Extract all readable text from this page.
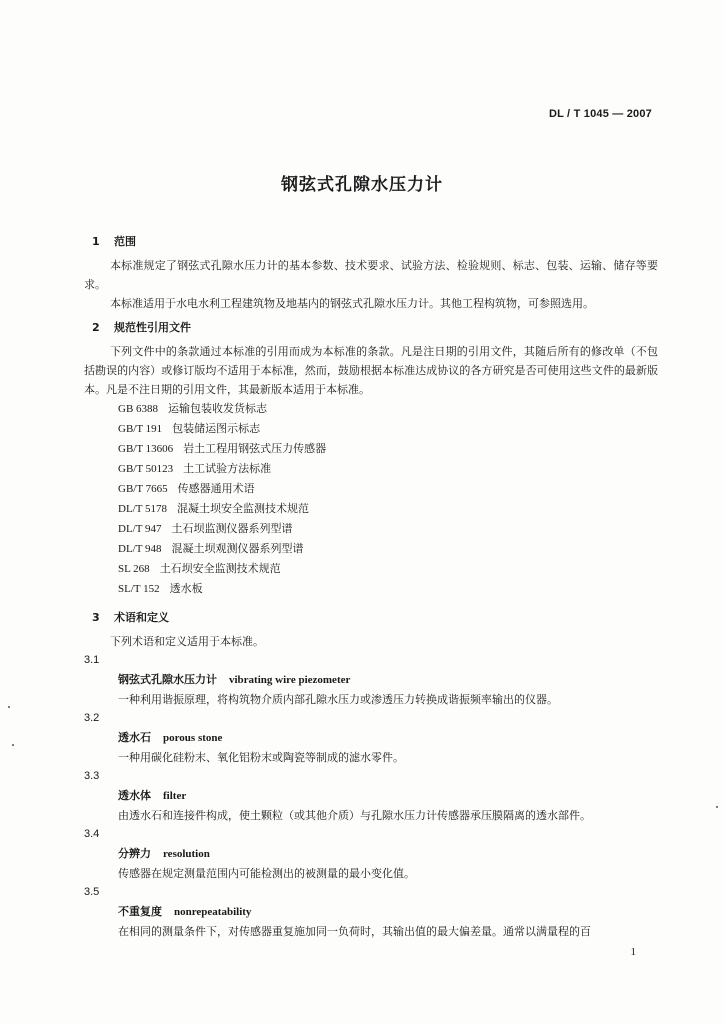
DL / T 1045 — 2007
钢弦式孔隙水压力计
1 范围

本标准规定了钢弦式孔隙水压力计的基本参数、技术要求、试验方法、检验规则、标志、包装、运输、储存等要求。

本标准适用于水电水利工程建筑物及地基内的钢弦式孔隙水压力计。其他工程构筑物，可参照选用。

2 规范性引用文件

下列文件中的条款通过本标准的引用而成为本标准的条款。凡是注日期的引用文件，其随后所有的修改单（不包括勘误的内容）或修订版均不适用于本标准，然而，鼓励根据本标准达成协议的各方研究是否可使用这些文件的最新版本。凡是不注日期的引用文件，其最新版本适用于本标准。

GB 6388 运输包装收发货标志
GB/T 191 包装储运图示标志
GB/T 13606 岩土工程用钢弦式压力传感器
GB/T 50123 土工试验方法标准
GB/T 7665 传感器通用术语
DL/T 5178 混凝土坝安全监测技术规范
DL/T 947 土石坝监测仪器系列型谱
DL/T 948 混凝土坝观测仪器系列型谱
SL 268 土石坝安全监测技术规范
SL/T 152 透水板
3 术语和定义

下列术语和定义适用于本标准。

3.1
钢弦式孔隙水压力计 vibrating wire piezometer
一种利用谐振原理，将构筑物介质内部孔隙水压力或渗透压力转换成谐振频率输出的仪器。
3.2
透水石 porous stone
一种用碳化硅粉末、氧化铝粉末或陶瓷等制成的滤水零件。
3.3
透水体 filter
由透水石和连接件构成，使土颗粒（或其他介质）与孔隙水压力计传感器承压膜隔离的透水部件。
3.4
分辨力 resolution
传感器在规定测量范围内可能检测出的被测量的最小变化值。
3.5
不重复度 nonrepeatability
在相同的测量条件下，对传感器重复施加同一负荷时，其输出值的最大偏差量。通常以满量程的百
1
